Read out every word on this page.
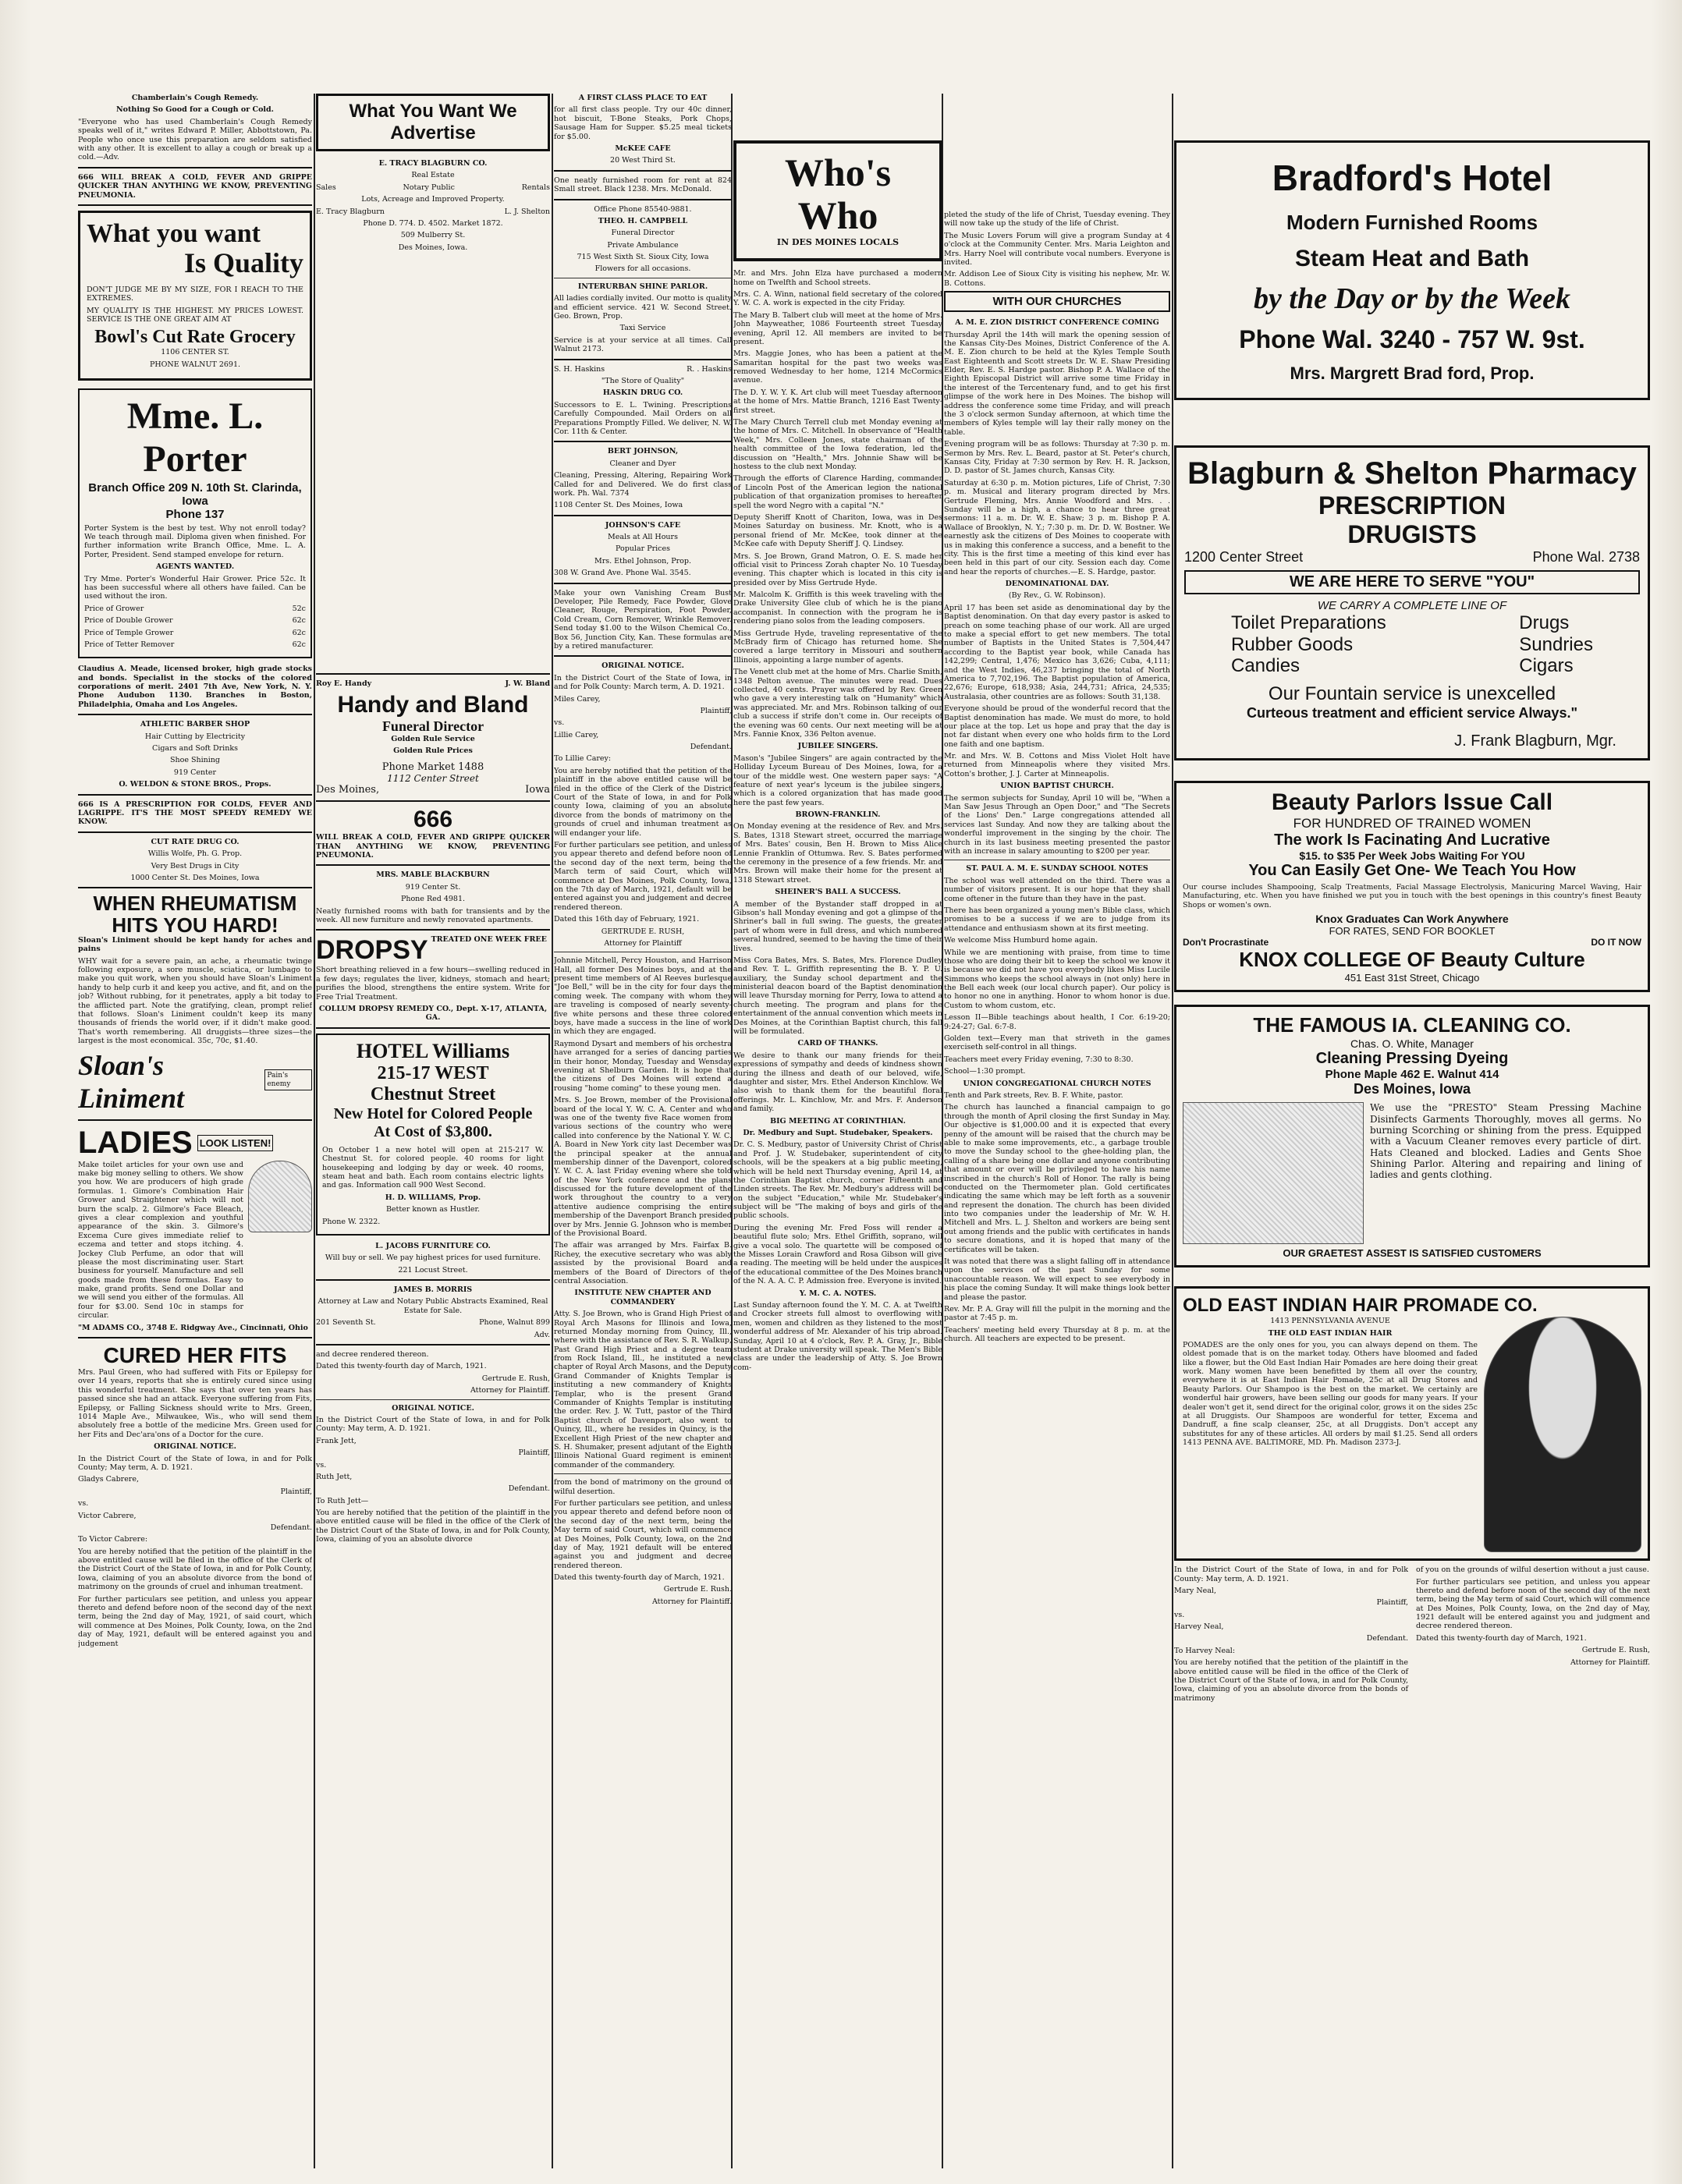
Chamberlain's Cough Remedy.

Nothing So Good for a Cough or Cold.

"Everyone who has used Chamberlain's Cough Remedy speaks well of it," writes Edward P. Miller, Abbottstown, Pa. People who once use this preparation are seldom satisfied with any other. It is excellent to allay a cough or break up a cold.—Adv.

666 WILL BREAK A COLD, FEVER AND GRIPPE QUICKER THAN ANYTHING WE KNOW, PREVENTING PNEUMONIA.

What you want
Is Quality

DON'T JUDGE ME BY MY SIZE, FOR I REACH TO THE EXTREMES.

MY QUALITY IS THE HIGHEST. MY PRICES LOWEST. SERVICE IS THE ONE GREAT AIM AT

Bowl's Cut Rate Grocery
1106 CENTER ST.
PHONE WALNUT 2691.
Mme. L. Porter
Branch Office 209 N. 10th St. Clarinda, Iowa
Phone 137

Porter System is the best by test. Why not enroll today? We teach through mail. Diploma given when finished. For further information write Branch Office, Mme. L. A. Porter, President. Send stamped envelope for return.

AGENTS WANTED.

Try Mme. Porter's Wonderful Hair Grower. Price 52c. It has been successful where all others have failed. Can be used without the iron.

Price of Grower	52c
Price of Double Grower	62c
Price of Temple Grower	62c
Price of Tetter Remover	62c

Claudius A. Meade, licensed broker, high grade stocks and bonds. Specialist in the stocks of the colored corporations of merit. 2401 7th Ave, New York, N. Y. Phone Audubon 1130. Branches in Boston, Philadelphia, Omaha and Los Angeles.

ATHLETIC BARBER SHOP
Hair Cutting by Electricity
Cigars and Soft Drinks
Shoe Shining
919 Center
O. WELDON & STONE BROS., Props.

666 IS A PRESCRIPTION FOR COLDS, FEVER AND LAGRIPPE. IT'S THE MOST SPEEDY REMEDY WE KNOW.

CUT RATE DRUG CO.
Willis Wolfe, Ph. G. Prop.
Very Best Drugs in City
1000 Center St. Des Moines, Iowa
WHEN RHEUMATISM
HITS YOU HARD!

Sloan's Liniment should be kept handy for aches and pains

WHY wait for a severe pain, an ache, a rheumatic twinge following exposure, a sore muscle, sciatica, or lumbago to make you quit work, when you should have Sloan's Liniment handy to help curb it and keep you active, and fit, and on the job? Without rubbing, for it penetrates, apply a bit today to the afflicted part. Note the gratifying, clean, prompt relief that follows. Sloan's Liniment couldn't keep its many thousands of friends the world over, if it didn't make good. That's worth remembering. All druggists—three sizes—the largest is the most economical. 35c, 70c, $1.40.

Sloan's Liniment
Pain's enemy
LADIES LOOK LISTEN!

Make toilet articles for your own use and make big money selling to others. We show you how. We are producers of high grade formulas. 1. Gimore's Combination Hair Grower and Straightener which will not burn the scalp. 2. Gilmore's Face Bleach, gives a clear complexion and youthful appearance of the skin. 3. Gilmore's Excema Cure gives immediate relief to eczema and tetter and stops itching. 4. Jockey Club Perfume, an odor that will please the most discriminating user. Start business for yourself. Manufacture and sell goods made from these formulas. Easy to make, grand profits. Send one Dollar and we will send you either of the formulas. All four for $3.00. Send 10c in stamps for circular.

"M ADAMS CO., 3748 E. Ridgway Ave., Cincinnati, Ohio

CURED HER FITS

Mrs. Paul Green, who had suffered with Fits or Epilepsy for over 14 years, reports that she is entirely cured since using this wonderful treatment. She says that over ten years has passed since she had an attack. Everyone suffering from Fits, Epilepsy, or Falling Sickness should write to Mrs. Green, 1014 Maple Ave., Milwaukee, Wis., who will send them absolutely free a bottle of the medicine Mrs. Green used for her Fits and Dec'ara'ons of a Doctor for the cure.

ORIGINAL NOTICE.

In the District Court of the State of Iowa, in and for Polk County; May term, A. D. 1921.

Gladys Cabrere,

Plaintiff,

vs.

Victor Cabrere,

Defendant.

To Victor Cabrere:

You are hereby notified that the petition of the plaintiff in the above entitled cause will be filed in the office of the Clerk of the District Court of the State of Iowa, in and for Polk County, Iowa, claiming of you an absolute divorce from the bond of matrimony on the grounds of cruel and inhuman treatment.

For further particulars see petition, and unless you appear thereto and defend before noon of the second day of the next term, being the 2nd day of May, 1921, of said court, which will commence at Des Moines, Polk County, Iowa, on the 2nd day of May, 1921, default will be entered against you and judgement

What You Want We Advertise
E. TRACY BLAGBURN CO.
Real Estate
Sales	Notary Public	Rentals
Lots, Acreage and Improved Property.
E. Tracy Blagburn	L. J. Shelton
Phone D. 774. D. 4502. Market 1872.
509 Mulberry St.
Des Moines, Iowa.
Roy E. Handy	J. W. Bland
Handy and Bland
Funeral Director
Golden Rule Service
Golden Rule Prices
Phone Market 1488
1112 Center Street
Des Moines,	Iowa
666

WILL BREAK A COLD, FEVER AND GRIPPE QUICKER THAN ANYTHING WE KNOW, PREVENTING PNEUMONIA.

MRS. MABLE BLACKBURN
919 Center St.
Phone Red 4981.

Neatly furnished rooms with bath for transients and by the week. All new furniture and newly renovated apartments.

DROPSY TREATED ONE WEEK FREE

Short breathing relieved in a few hours—swelling reduced in a few days; regulates the liver, kidneys, stomach and heart; purifies the blood, strengthens the entire system. Write for Free Trial Treatment.

COLLUM DROPSY REMEDY CO., Dept. X-17, ATLANTA, GA.

HOTEL Williams
215-17 WEST
Chestnut Street
New Hotel for Colored People
At Cost of $3,800.

On October 1 a new hotel will open at 215-217 W. Chestnut St. for colored people. 40 rooms for light housekeeping and lodging by day or week. 40 rooms, steam heat and bath. Each room contains electric lights and gas. Information call 900 West Second.

H. D. WILLIAMS, Prop.
Better known as Hustler.
Phone W. 2322.
L. JACOBS FURNITURE CO.

Will buy or sell. We pay highest prices for used furniture.

221 Locust Street.
JAMES B. MORRIS

Attorney at Law and Notary Public Abstracts Examined, Real Estate for Sale.

201 Seventh St.	Phone, Walnut 899
Adv.

and decree rendered thereon.

Dated this twenty-fourth day of March, 1921.

Gertrude E. Rush,

Attorney for Plaintiff.

ORIGINAL NOTICE.

In the District Court of the State of Iowa, in and for Polk County: May term, A. D. 1921.

Frank Jett,

Plaintiff,

vs.

Ruth Jett,

Defendant.

To Ruth Jett—

You are hereby notified that the petition of the plaintiff in the above entitled cause will be filed in the office of the Clerk of the District Court of the State of Iowa, in and for Polk County, Iowa, claiming of you an absolute divorce

A FIRST CLASS PLACE TO EAT

for all first class people. Try our 40c dinner, hot biscuit, T-Bone Steaks, Pork Chops, Sausage Ham for Supper. $5.25 meal tickets for $5.00.

McKEE CAFE
20 West Third St.

One neatly furnished room for rent at 824 Small street. Black 1238. Mrs. McDonald.

Office Phone 85540-9881.
THEO. H. CAMPBELL
Funeral Director
Private Ambulance
715 West Sixth St. Sioux City, Iowa
Flowers for all occasions.
INTERURBAN SHINE PARLOR.

All ladies cordially invited. Our motto is quality and efficient service. 421 W. Second Street. Geo. Brown, Prop.

Taxi Service

Service is at your service at all times. Call Walnut 2173.

S. H. Haskins	R. . Haskins
"The Store of Quality"
HASKIN DRUG CO.

Successors to E. L. Twining. Prescriptions Carefully Compounded. Mail Orders on all Preparations Promptly Filled. We deliver, N. W. Cor. 11th & Center.

BERT JOHNSON,
Cleaner and Dyer

Cleaning, Pressing, Altering, Repairing Work Called for and Delivered. We do first class work. Ph. Wal. 7374

1108 Center St. Des Moines, Iowa
JOHNSON'S CAFE
Meals at All Hours
Popular Prices
Mrs. Ethel Johnson, Prop.
308 W. Grand Ave. Phone Wal. 3545.

Make your own Vanishing Cream Bust Developer, Pile Remedy, Face Powder, Glove Cleaner, Rouge, Perspiration, Foot Powder, Cold Cream, Corn Remover, Wrinkle Remover. Send today $1.00 to the Wilson Chemical Co., Box 56, Junction City, Kan. These formulas are by a retired manufacturer.

ORIGINAL NOTICE.

In the District Court of the State of Iowa, in and for Polk County: March term, A. D. 1921.

Miles Carey,

Plaintiff,

vs.

Lillie Carey,

Defendant.

To Lillie Carey:

You are hereby notified that the petition of the plaintiff in the above entitled cause will be filed in the office of the Clerk of the District Court of the State of Iowa, in and for Polk county Iowa, claiming of you an absolute divorce from the bonds of matrimony on the grounds of cruel and inhuman treatment as will endanger your life.

For further particulars see petition, and unless you appear thereto and defend before noon of the second day of the next term, being the March term of said Court, which will commence at Des Moines, Polk County, Iowa, on the 7th day of March, 1921, default will be entered against you and judgement and decree rendered thereon.

Dated this 16th day of February, 1921.

GERTRUDE E. RUSH,

Attorney for Plaintiff

Johnnie Mitchell, Percy Houston, and Harrison Hall, all former Des Moines boys, and at the present time members of Al Reeves burlesque "Joe Bell," will be in the city for four days the coming week. The company with whom they are traveling is composed of nearly seventy-five white persons and these three colored boys, have made a success in the line of work in which they are engaged.

Raymond Dysart and members of his orchestra have arranged for a series of dancing parties in their honor, Monday, Tuesday and Wensday evening at Shelburn Garden. It is hope that the citizens of Des Moines will extend a rousing "home coming" to these young men.

Mrs. S. Joe Brown, member of the Provisional board of the local Y. W. C. A. Center and who was one of the twenty five Race women from various sections of the country who were called into conference by the National Y. W. C. A. Board in New York city last December was the principal speaker at the annual membership dinner of the Davenport, colored Y. W. C. A. last Friday evening where she told of the New York conference and the plans discussed for the future development of the work throughout the country to a very attentive audience comprising the entire membership of the Davenport Branch presided over by Mrs. Jennie G. Johnson who is member of the Provisional Board.

The affair was arranged by Mrs. Fairfax B. Richey, the executive secretary who was ably assisted by the provisional Board and members of the Board of Directors of the central Association.

INSTITUTE NEW CHAPTER AND COMMANDERY

Atty. S. Joe Brown, who is Grand High Priest of Royal Arch Masons for Illinois and Iowa, returned Monday morning from Quincy, Ill., where with the assistance of Rev. S. R. Walkup, Past Grand High Priest and a degree team from Rock Island, Ill., he instituted a new chapter of Royal Arch Masons, and the Deputy Grand Commander of Knights Templar is instituting a new commandery of Knights Templar, who is the present Grand Commander of Knights Templar is instituting the order. Rev. J. W. Tutt, pastor of the Third Baptist church of Davenport, also went to Quincy, Ill., where he resides in Quincy, is the Excellent High Priest of the new chapter and S. H. Shumaker, present adjutant of the Eighth Illinois National Guard regiment is eminent commander of the commandery.

from the bond of matrimony on the ground of wilful desertion.

For further particulars see petition, and unless you appear thereto and defend before noon of the second day of the next term, being the May term of said Court, which will commence at Des Moines, Polk County, Iowa, on the 2nd day of May, 1921 default will be entered against you and judgment and decree rendered thereon.

Dated this twenty-fourth day of March, 1921.

Gertrude E. Rush.

Attorney for Plaintiff.

Who's Who
IN DES MOINES LOCALS

Mr. and Mrs. John Elza have purchased a modern home on Twelfth and School streets.

Mrs. C. A. Winn, national field secretary of the colored Y. W. C. A. work is expected in the city Friday.

The Mary B. Talbert club will meet at the home of Mrs. John Mayweather, 1086 Fourteenth street Tuesday evening, April 12. All members are invited to be present.

Mrs. Maggie Jones, who has been a patient at the Samaritan hospital for the past two weeks was removed Wednesday to her home, 1214 McCormics avenue.

The D. Y. W. Y. K. Art club will meet Tuesday afternoon at the home of Mrs. Mattie Branch, 1216 East Twenty-first street.

The Mary Church Terrell club met Monday evening at the home of Mrs. C. Mitchell. In observance of "Health Week," Mrs. Colleen Jones, state chairman of the health committee of the Iowa federation, led the discussion on "Health," Mrs. Johnnie Shaw will be hostess to the club next Monday.

Through the efforts of Clarence Harding, commander of Lincoln Post of the American legion the national publication of that organization promises to hereafter spell the word Negro with a capital "N."

Deputy Sheriff Knott of Chariton, Iowa, was in Des Moines Saturday on business. Mr. Knott, who is a personal friend of Mr. McKee, took dinner at the McKee cafe with Deputy Sheriff J. Q. Lindsey.

Mrs. S. Joe Brown, Grand Matron, O. E. S. made her official visit to Princess Zorah chapter No. 10 Tuesday evening. This chapter which is located in this city is presided over by Miss Gertrude Hyde.

Mr. Malcolm K. Griffith is this week traveling with the Drake University Glee club of which he is the piano accompanist. In connection with the program he is rendering piano solos from the leading composers.

Miss Gertrude Hyde, traveling representative of the McBrady firm of Chicago has returned home. She covered a large territory in Missouri and southern Illinois, appointing a large number of agents.

The Venett club met at the home of Mrs. Charlie Smith, 1348 Pelton avenue. The minutes were read. Dues collected, 40 cents. Prayer was offered by Rev. Green who gave a very interesting talk on "Humanity" which was appreciated. Mr. and Mrs. Robinson talking of our club a success if strife don't come in. Our receipts of the evening was 60 cents. Our next meeting will be at Mrs. Fannie Knox, 336 Pelton avenue.

JUBILEE SINGERS.

Mason's "Jubilee Singers" are again contracted by the Holliday Lyceum Bureau of Des Moines, Iowa, for a tour of the middle west. One western paper says: "A feature of next year's lyceum is the jubilee singers, which is a colored organization that has made good here the past few years.

BROWN-FRANKLIN.

On Monday evening at the residence of Rev. and Mrs. S. Bates, 1318 Stewart street, occurred the marriage of Mrs. Bates' cousin, Ben H. Brown to Miss Alice Lennie Franklin of Ottumwa. Rev. S. Bates performed the ceremony in the presence of a few friends. Mr. and Mrs. Brown will make their home for the present at 1318 Stewart street.

SHEINER'S BALL A SUCCESS.

A member of the Bystander staff dropped in at Gibson's hall Monday evening and got a glimpse of the Shriner's ball in full swing. The guests, the greater part of whom were in full dress, and which numbered several hundred, seemed to be having the time of their lives.

Miss Cora Bates, Mrs. S. Bates, Mrs. Florence Dudley and Rev. T. L. Griffith representing the B. Y. P. U. auxiliary, the Sunday school department and the ministerial deacon board of the Baptist denomination will leave Thursday morning for Perry, Iowa to attend a church meeting. The program and plans for the entertainment of the annual convention which meets in Des Moines, at the Corinthian Baptist church, this fall will be formulated.

CARD OF THANKS.

We desire to thank our many friends for their expressions of sympathy and deeds of kindness shown during the illness and death of our beloved, wife, daughter and sister, Mrs. Ethel Anderson Kinchlow. We also wish to thank them for the beautiful floral offerings. Mr. L. Kinchlow, Mr. and Mrs. F. Anderson and family.

BIG MEETING AT CORINTHIAN.

Dr. Medbury and Supt. Studebaker, Speakers.

Dr. C. S. Medbury, pastor of University Christ of Christ and Prof. J. W. Studebaker, superintendent of city schools, will be the speakers at a big public meeting, which will be held next Thursday evening, April 14, at the Corinthian Baptist church, corner Fifteenth and Linden streets. The Rev. Mr. Medbury's address will be on the subject "Education," while Mr. Studebaker's subject will be "The making of boys and girls of the public schools.

During the evening Mr. Fred Foss will render a beautiful flute solo; Mrs. Ethel Griffith, soprano, will give a vocal solo. The quartette will be composed of the Misses Lorain Crawford and Rosa Gibson will give a reading. The meeting will be held under the auspices of the educational committee of the Des Moines branch of the N. A. A. C. P. Admission free. Everyone is invited.

Y. M. C. A. NOTES.

Last Sunday afternoon found the Y. M. C. A. at Twelfth and Crocker streets full almost to overflowing with men, women and children as they listened to the most wonderful address of Mr. Alexander of his trip abroad. Sunday, April 10 at 4 o'clock, Rev. P. A. Gray, Jr., Bible student at Drake university will speak. The Men's Bible class are under the leadership of Atty. S. Joe Brown com-

pleted the study of the life of Christ, Tuesday evening. They will now take up the study of the life of Christ.

The Music Lovers Forum will give a program Sunday at 4 o'clock at the Community Center. Mrs. Maria Leighton and Mrs. Harry Noel will contribute vocal numbers. Everyone is invited.

Mr. Addison Lee of Sioux City is visiting his nephew, Mr. W. B. Cottons.

WITH OUR CHURCHES

A. M. E. ZION DISTRICT CONFERENCE COMING

Thursday April the 14th will mark the opening session of the Kansas City-Des Moines, District Conference of the A. M. E. Zion church to be held at the Kyles Temple South East Eighteenth and Scott streets Dr. W. E. Shaw Presiding Elder, Rev. E. S. Hardge pastor. Bishop P. A. Wallace of the Eighth Episcopal District will arrive some time Friday in the interest of the Tercentenary fund, and to get his first glimpse of the work here in Des Moines. The bishop will address the conference some time Friday, and will preach the 3 o'clock sermon Sunday afternoon, at which time the members of Kyles temple will lay their rally money on the table.

Evening program will be as follows: Thursday at 7:30 p. m. Sermon by Mrs. Rev. L. Beard, pastor at St. Peter's church, Kansas City, Friday at 7:30 sermon by Rev. H. R. Jackson, D. D. pastor of St. James church, Kansas City.

Saturday at 6:30 p. m. Motion pictures, Life of Christ, 7:30 p. m. Musical and literary program directed by Mrs. Gertrude Fleming, Mrs. Annie Woodford and Mrs. . . Sunday will be a high, a chance to hear three great sermons: 11 a. m. Dr. W. E. Shaw; 3 p. m. Bishop P. A. Wallace of Brooklyn, N. Y.; 7:30 p. m. Dr. D. W. Bostner. We earnestly ask the citizens of Des Moines to cooperate with us in making this conference a success, and a benefit to the city. This is the first time a meeting of this kind ever has been held in this part of our city. Session each day. Come and hear the reports of churches.—E. S. Hardge, pastor.

DENOMINATIONAL DAY.

(By Rev., G. W. Robinson).

April 17 has been set aside as denominational day by the Baptist denomination. On that day every pastor is asked to preach on some teaching phase of our work. All are urged to make a special effort to get new members. The total number of Baptists in the United States is 7,504,447 according to the Baptist year book, while Canada has 142,299; Central, 1,476; Mexico has 3,626; Cuba, 4,111; and the West Indies, 46,237 bringing the total of North America to 7,702,196. The Baptist population of America, 22,676; Europe, 618,938; Asia, 244,731; Africa, 24,535; Australasia, other countries are as follows: South 31,138.

Everyone should be proud of the wonderful record that the Baptist denomination has made. We must do more, to hold our place at the top. Let us hope and pray that the day is not far distant when every one who holds firm to the Lord one faith and one baptism.

Mr. and Mrs. W. B. Cottons and Miss Violet Holt have returned from Minneapolis where they visited Mrs. Cotton's brother, J. J. Carter at Minneapolis.

UNION BAPTIST CHURCH.

The sermon subjects for Sunday, April 10 will be, "When a Man Saw Jesus Through an Open Door," and "The Secrets of the Lions' Den." Large congregations attended all services last Sunday. And now they are talking about the wonderful improvement in the singing by the choir. The church in its last business meeting presented the pastor with an increase in salary amounting to $200 per year.

ST. PAUL A. M. E. SUNDAY SCHOOL NOTES

The school was well attended on the third. There was a number of visitors present. It is our hope that they shall come oftener in the future than they have in the past.

There has been organized a young men's Bible class, which promises to be a success if we are to judge from its attendance and enthusiasm shown at its first meeting.

We welcome Miss Humburd home again.

While we are mentioning with praise, from time to time those who are doing their bit to keep the school we know it is because we did not have you everybody likes Miss Lucile Simmons who keeps the school always in (not only) here in the Bell each week (our local church paper). Our policy is to honor no one in anything. Honor to whom honor is due. Custom to whom custom, etc.

Lesson II—Bible teachings about health, I Cor. 6:19-20; 9:24-27; Gal. 6:7-8.

Golden text—Every man that striveth in the games exerciseth self-control in all things.

Teachers meet every Friday evening, 7:30 to 8:30.

School—1:30 prompt.

UNION CONGREGATIONAL CHURCH NOTES

Tenth and Park streets, Rev. B. F. White, pastor.

The church has launched a financial campaign to go through the month of April closing the first Sunday in May. Our objective is $1,000.00 and it is expected that every penny of the amount will be raised that the church may be able to make some improvements, etc., a garbage trouble to move the Sunday school to the ghee-holding plan, the calling of a share being one dollar and anyone contributing that amount or over will be privileged to have his name inscribed in the church's Roll of Honor. The rally is being conducted on the Thermometer plan. Gold certificates indicating the same which may be left forth as a souvenir and represent the donation. The church has been divided into two companies under the leadership of Mr. W. H. Mitchell and Mrs. L. J. Shelton and workers are being sent out among friends and the public with certificates in hands to secure donations, and it is hoped that many of the certificates will be taken.

It was noted that there was a slight falling off in attendance upon the services of the past Sunday for some unaccountable reason. We will expect to see everybody in his place the coming Sunday. It will make things look better and please the pastor.

Rev. Mr. P. A. Gray will fill the pulpit in the morning and the pastor at 7:45 p. m.

Teachers' meeting held every Thursday at 8 p. m. at the church. All teachers are expected to be present.

Bradford's Hotel
Modern Furnished Rooms
Steam Heat and Bath
by the Day or by the Week
Phone Wal. 3240 - 757 W. 9st.
Mrs. Margrett Brad ford, Prop.
Blagburn & Shelton Pharmacy
PRESCRIPTION
DRUGISTS
1200 Center Street	Phone Wal. 2738
WE ARE HERE TO SERVE "YOU"
WE CARRY A COMPLETE LINE OF
Toilet Preparations
Rubber Goods
Candies
Drugs
Sundries
Cigars
Our Fountain service is unexcelled
Curteous treatment and efficient service Always."
J. Frank Blagburn, Mgr.
Beauty Parlors Issue Call
FOR HUNDRED OF TRAINED WOMEN
The work Is Facinating And Lucrative
$15. to $35 Per Week Jobs Waiting For YOU
You Can Easily Get One- We Teach You How

Our course includes Shampooing, Scalp Treatments, Facial Massage Electrolysis, Manicuring Marcel Waving, Hair Manufacturing, etc. When you have finished we put you in touch with the best openings in this country's finest Beauty Shops or women's own.

Knox Graduates Can Work Anywhere
FOR RATES, SEND FOR BOOKLET
Don't Procrastinate	DO IT NOW
KNOX COLLEGE OF Beauty Culture
451 East 31st Street, Chicago
THE FAMOUS IA. CLEANING CO.
Chas. O. White, Manager
Cleaning Pressing Dyeing
Phone Maple 462 E. Walnut 414
Des Moines, Iowa

We use the "PRESTO" Steam Pressing Machine Disinfects Garments Thoroughly, moves all germs. No burning Scorching or shining from the press. Equipped with a Vacuum Cleaner removes every particle of dirt. Hats Cleaned and blocked. Ladies and Gents Shoe Shining Parlor. Altering and repairing and lining of ladies and gents clothing.

OUR GRAETEST ASSEST IS SATISFIED CUSTOMERS
OLD EAST INDIAN HAIR PROMADE CO.
1413 PENNSYLVANIA AVENUE
THE OLD EAST INDIAN HAIR

POMADES are the only ones for you, you can always depend on them. The oldest pomade that is on the market today. Others have bloomed and faded like a flower, but the Old East Indian Hair Pomades are here doing their great work. Many women have been benefitted by them all over the country, everywhere it is at East Indian Hair Pomade, 25c at all Drug Stores and Beauty Parlors. Our Shampoo is the best on the market. We certainly are wonderful hair growers, have been selling our goods for many years. If your dealer won't get it, send direct for the original color, grows it on the sides 25c at all Druggists. Our Shampoos are wonderful for tetter, Excema and Dandruff, a fine scalp cleanser, 25c, at all Druggists. Don't accept any substitutes for any of these articles. All orders by mail $1.25. Send all orders 1413 PENNA AVE. BALTIMORE, MD. Ph. Madison 2373-J.

In the District Court of the State of Iowa, in and for Polk County: May term, A. D. 1921.

Mary Neal,

Plaintiff,

vs.

Harvey Neal,

Defendant.

To Harvey Neal:

You are hereby notified that the petition of the plaintiff in the above entitled cause will be filed in the office of the Clerk of the District Court of the State of Iowa, in and for Polk County, Iowa, claiming of you an absolute divorce from the bonds of matrimony

of you on the grounds of wilful desertion without a just cause.

For further particulars see petition, and unless you appear thereto and defend before noon of the second day of the next term, being the May term of said Court, which will commence at Des Moines, Polk County, Iowa, on the 2nd day of May, 1921 default will be entered against you and judgment and decree rendered thereon.

Dated this twenty-fourth day of March, 1921.

Gertrude E. Rush,

Attorney for Plaintiff.
